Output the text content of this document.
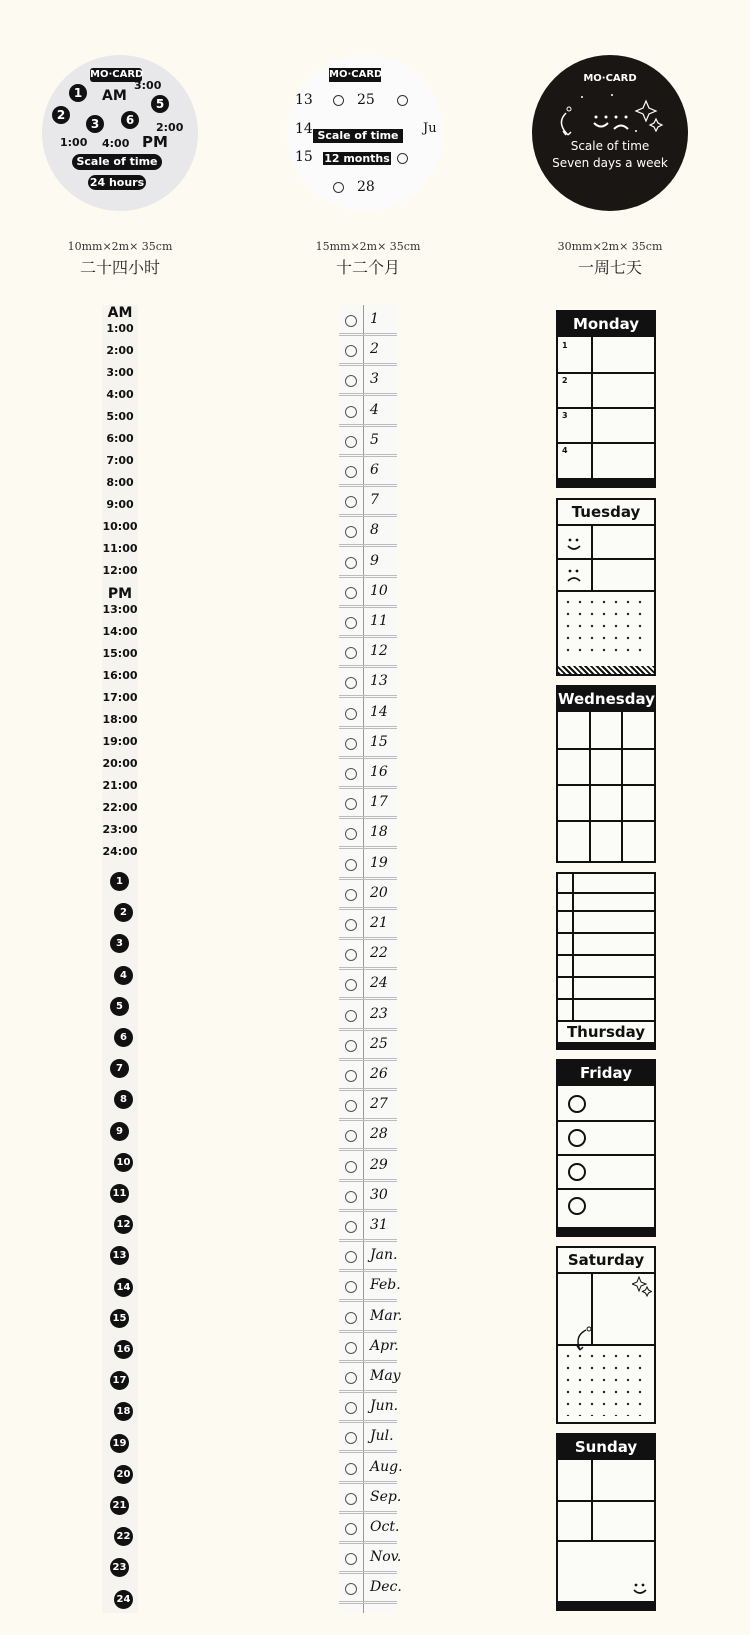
MO·CARD
3:00
1	AM	5
2
3	6
2:00
1:00 4:00 PM
Scale of time
24 hours
MO·CARD
13	25
14 Scale of time	Ju
15 12 months
28
MO·CARD
Scale of time
Seven days a week
10mm×2m× 35cm
二十四小时
15mm×2m× 35cm
十二个月
30mm×2m× 35cm
一周七天
AM
1:00
2:00
3:00
4:00
5:00
6:00
7:00
8:00
9:00
10:00
11:00
12:00
PM
13:00
14:00
15:00
16:00
17:00
18:00
19:00
20:00
21:00
22:00
23:00
24:00
1
2
3
4
5
6
7
8
9
10
11
12
13
14
15
16
17
18
19
20
21
22
23
24
1
2
3
4
5
6
7
8
9
10
11
12
13
14
15
16
17
18
19
20
21
22
24
23
25
26
27
28
29
30
31
Jan.
Feb.
Mar.
Apr.
May
Jun.
Jul.
Aug.
Sep.
Oct.
Nov.
Dec.
Monday
1
2
3
4
Tuesday
Wednesday
Thursday
Friday
Saturday
Sunday
